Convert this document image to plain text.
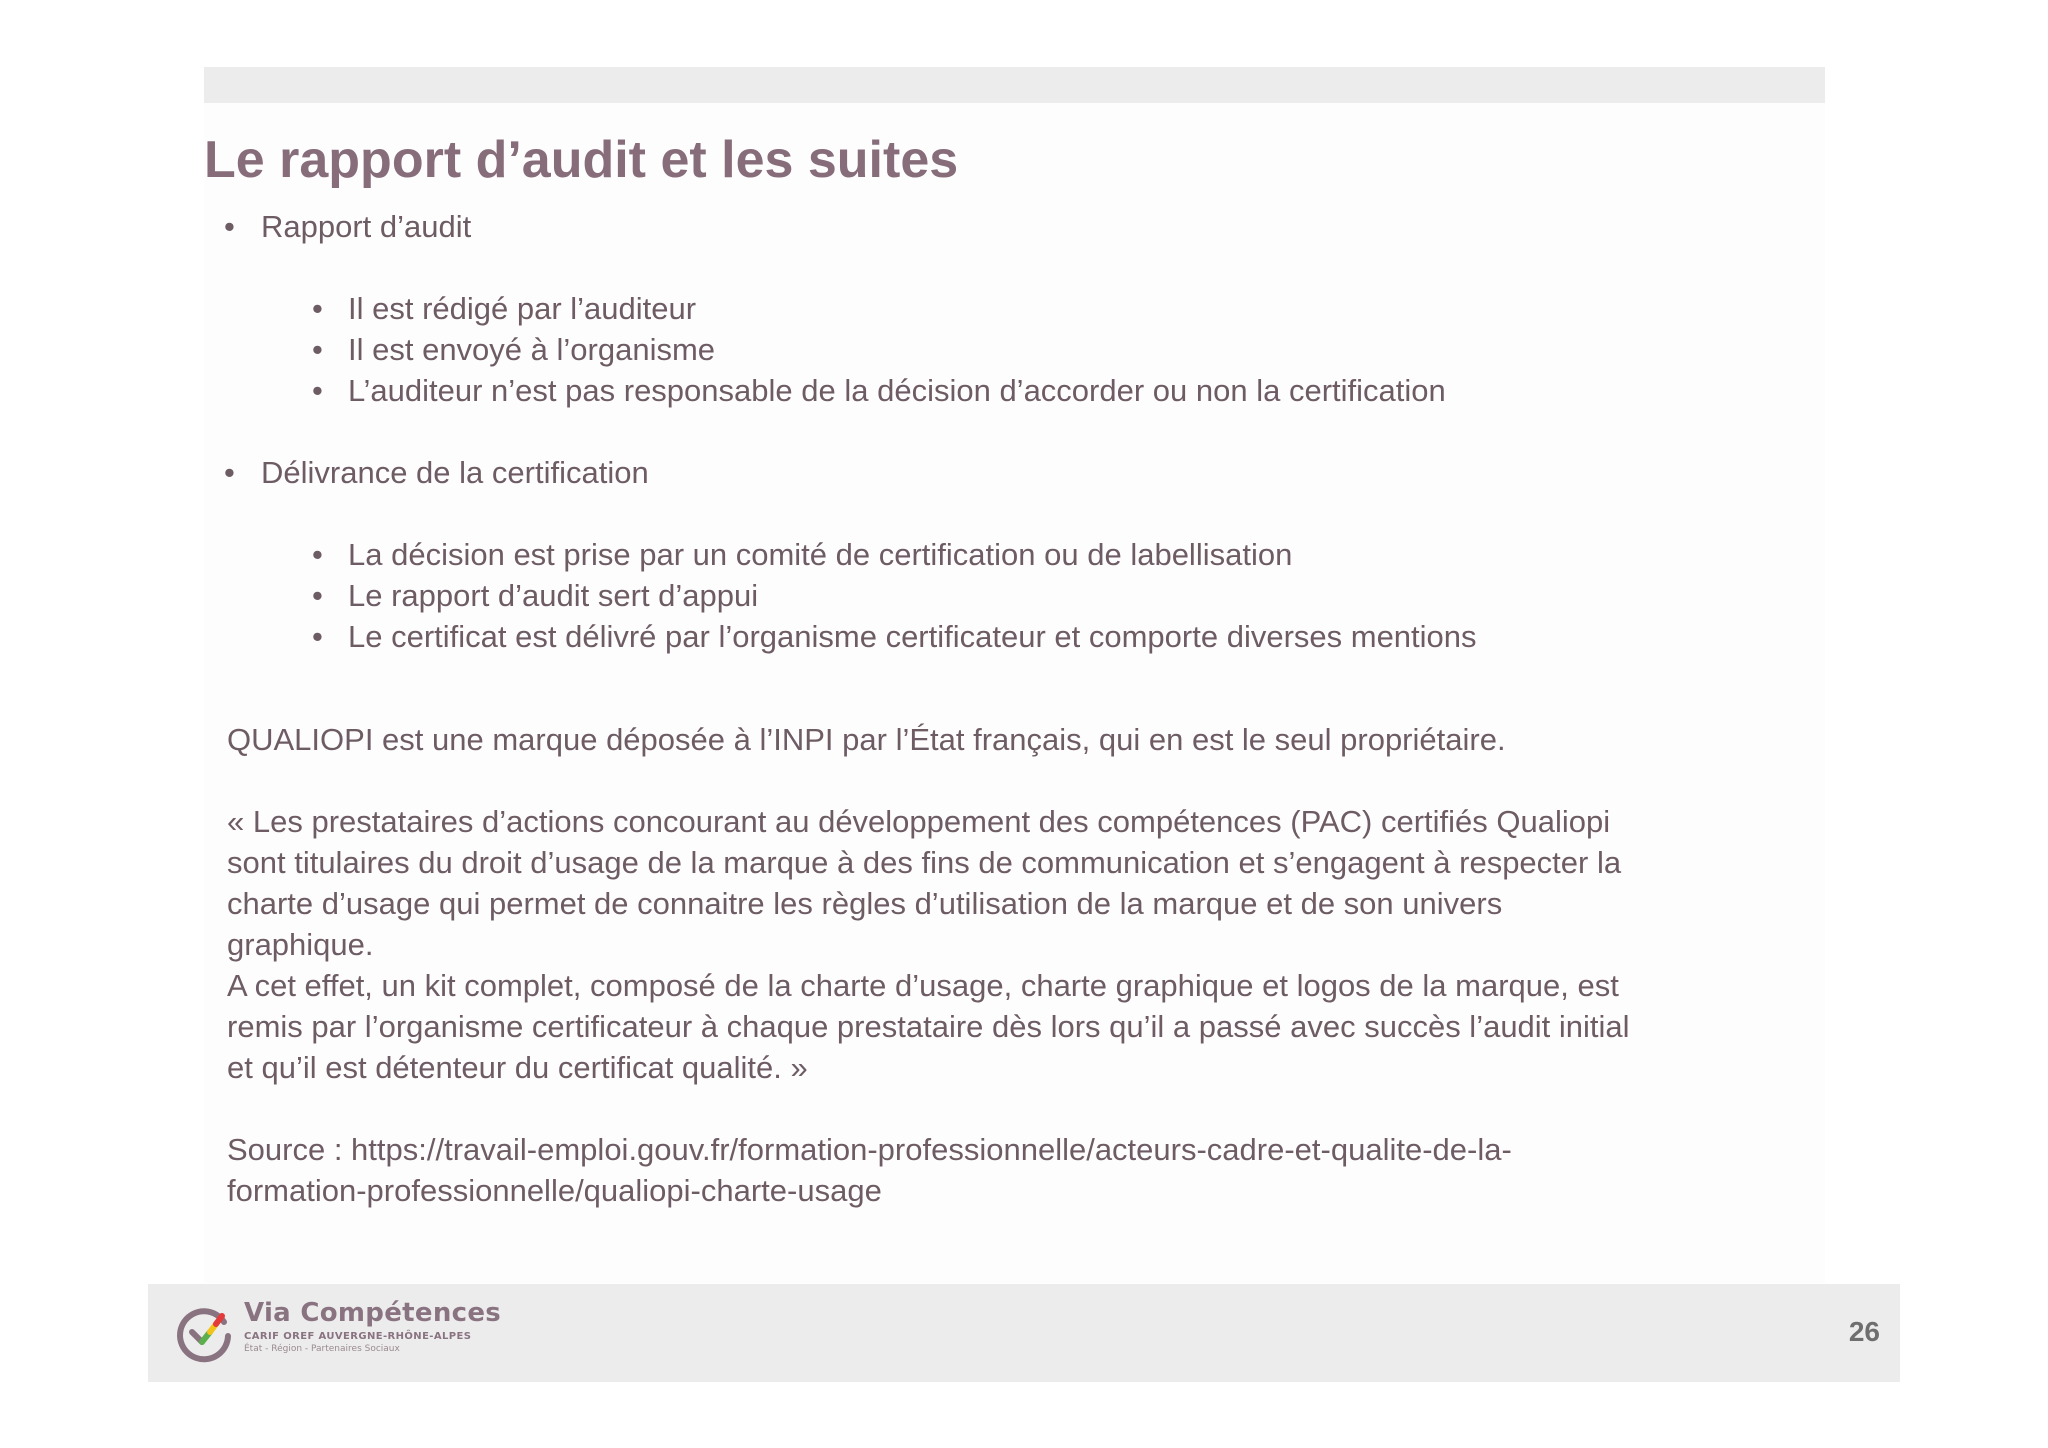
Le rapport d’audit et les suites
• Rapport d’audit
• Il est rédigé par l’auditeur
• Il est envoyé à l’organisme
• L’auditeur n’est pas responsable de la décision d’accorder ou non la certification
• Délivrance de la certification
• La décision est prise par un comité de certification ou de labellisation
• Le rapport d’audit sert d’appui
• Le certificat est délivré par l’organisme certificateur et comporte diverses mentions

QUALIOPI est une marque déposée à l’INPI par l’État français, qui en est le seul propriétaire.

« Les prestataires d’actions concourant au développement des compétences (PAC) certifiés Qualiopi

sont titulaires du droit d’usage de la marque à des fins de communication et s’engagent à respecter la

charte d’usage qui permet de connaitre les règles d’utilisation de la marque et de son univers

graphique.

A cet effet, un kit complet, composé de la charte d’usage, charte graphique et logos de la marque, est

remis par l’organisme certificateur à chaque prestataire dès lors qu’il a passé avec succès l’audit initial

et qu’il est détenteur du certificat qualité. »

Source : https://travail-emploi.gouv.fr/formation-professionnelle/acteurs-cadre-et-qualite-de-la-

formation-professionnelle/qualiopi-charte-usage

Via Compétences
CARIF OREF AUVERGNE-RHÔNE-ALPES
État - Région - Partenaires Sociaux
26
